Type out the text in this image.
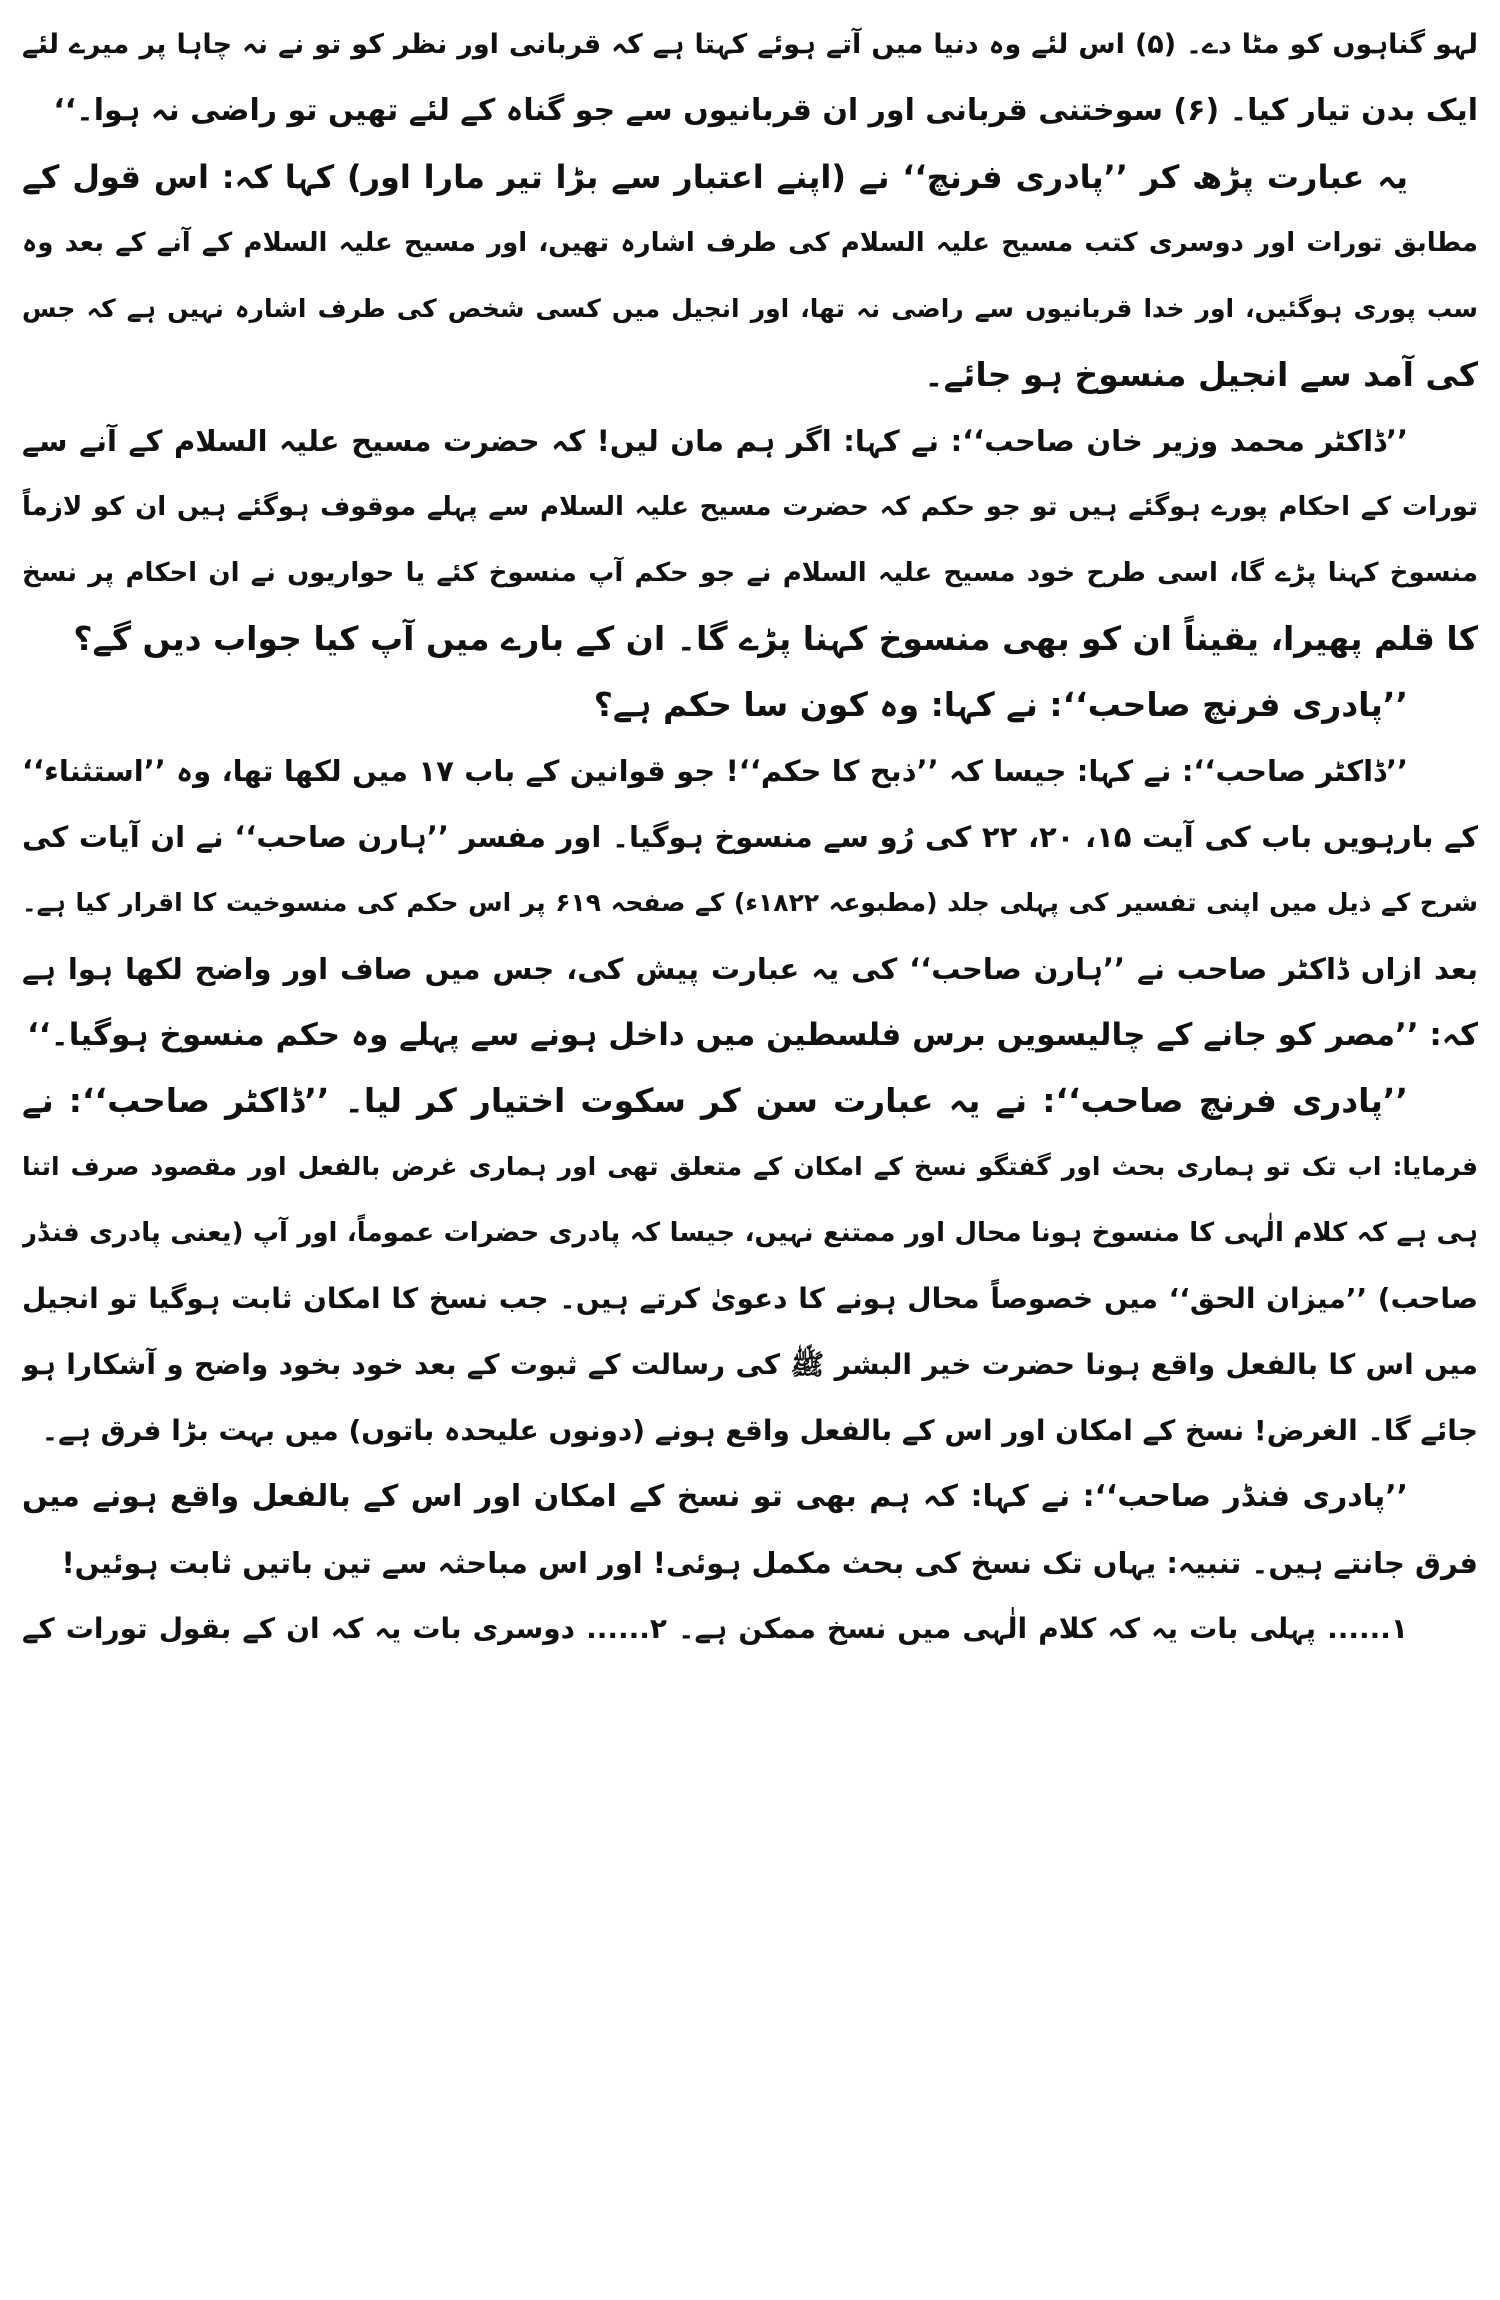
لہو گناہوں کو مٹا دے۔ (۵) اس لئے وہ دنیا میں آتے ہوئے کہتا ہے کہ قربانی اور نظر کو تو نے نہ چاہا پر میرے لئے
ایک بدن تیار کیا۔ (۶) سوختنی قربانی اور ان قربانیوں سے جو گناہ کے لئے تھیں تو راضی نہ ہوا۔‘‘
یہ عبارت پڑھ کر ’’پادری فرنچ‘‘ نے (اپنے اعتبار سے بڑا تیر مارا اور) کہا کہ: اس قول کے
مطابق تورات اور دوسری کتب مسیح علیہ السلام کی طرف اشارہ تھیں، اور مسیح علیہ السلام کے آنے کے بعد وہ
سب پوری ہوگئیں، اور خدا قربانیوں سے راضی نہ تھا، اور انجیل میں کسی شخص کی طرف اشارہ نہیں ہے کہ جس
کی آمد سے انجیل منسوخ ہو جائے۔
’’ڈاکٹر محمد وزیر خان صاحب‘‘: نے کہا: اگر ہم مان لیں! کہ حضرت مسیح علیہ السلام کے آنے سے
تورات کے احکام پورے ہوگئے ہیں تو جو حکم کہ حضرت مسیح علیہ السلام سے پہلے موقوف ہوگئے ہیں ان کو لازماً
منسوخ کہنا پڑے گا، اسی طرح خود مسیح علیہ السلام نے جو حکم آپ منسوخ کئے یا حواریوں نے ان احکام پر نسخ
کا قلم پھیرا، یقیناً ان کو بھی منسوخ کہنا پڑے گا۔ ان کے بارے میں آپ کیا جواب دیں گے؟
’’پادری فرنچ صاحب‘‘: نے کہا: وہ کون سا حکم ہے؟
’’ڈاکٹر صاحب‘‘: نے کہا: جیسا کہ ’’ذبح کا حکم‘‘! جو قوانین کے باب ۱۷ میں لکھا تھا، وہ ’’استثناء‘‘
کے بارہویں باب کی آیت ۱۵، ۲۰، ۲۲ کی رُو سے منسوخ ہوگیا۔ اور مفسر ’’ہارن صاحب‘‘ نے ان آیات کی
شرح کے ذیل میں اپنی تفسیر کی پہلی جلد (مطبوعہ ۱۸۲۲ء) کے صفحہ ۶۱۹ پر اس حکم کی منسوخیت کا اقرار کیا ہے۔
بعد ازاں ڈاکٹر صاحب نے ’’ہارن صاحب‘‘ کی یہ عبارت پیش کی، جس میں صاف اور واضح لکھا ہوا ہے
کہ: ’’مصر کو جانے کے چالیسویں برس فلسطین میں داخل ہونے سے پہلے وہ حکم منسوخ ہوگیا۔‘‘
’’پادری فرنچ صاحب‘‘: نے یہ عبارت سن کر سکوت اختیار کر لیا۔ ’’ڈاکٹر صاحب‘‘: نے
فرمایا: اب تک تو ہماری بحث اور گفتگو نسخ کے امکان کے متعلق تھی اور ہماری غرض بالفعل اور مقصود صرف اتنا
ہی ہے کہ کلام الٰہی کا منسوخ ہونا محال اور ممتنع نہیں، جیسا کہ پادری حضرات عموماً، اور آپ (یعنی پادری فنڈر
صاحب) ’’میزان الحق‘‘ میں خصوصاً محال ہونے کا دعویٰ کرتے ہیں۔ جب نسخ کا امکان ثابت ہوگیا تو انجیل
میں اس کا بالفعل واقع ہونا حضرت خیر البشر ﷺ کی رسالت کے ثبوت کے بعد خود بخود واضح و آشکارا ہو
جائے گا۔ الغرض! نسخ کے امکان اور اس کے بالفعل واقع ہونے (دونوں علیحدہ باتوں) میں بہت بڑا فرق ہے۔
’’پادری فنڈر صاحب‘‘: نے کہا: کہ ہم بھی تو نسخ کے امکان اور اس کے بالفعل واقع ہونے میں
فرق جانتے ہیں۔ تنبیہ: یہاں تک نسخ کی بحث مکمل ہوئی! اور اس مباحثہ سے تین باتیں ثابت ہوئیں!
۱...... پہلی بات یہ کہ کلام الٰہی میں نسخ ممکن ہے۔ ۲...... دوسری بات یہ کہ ان کے بقول تورات کے
